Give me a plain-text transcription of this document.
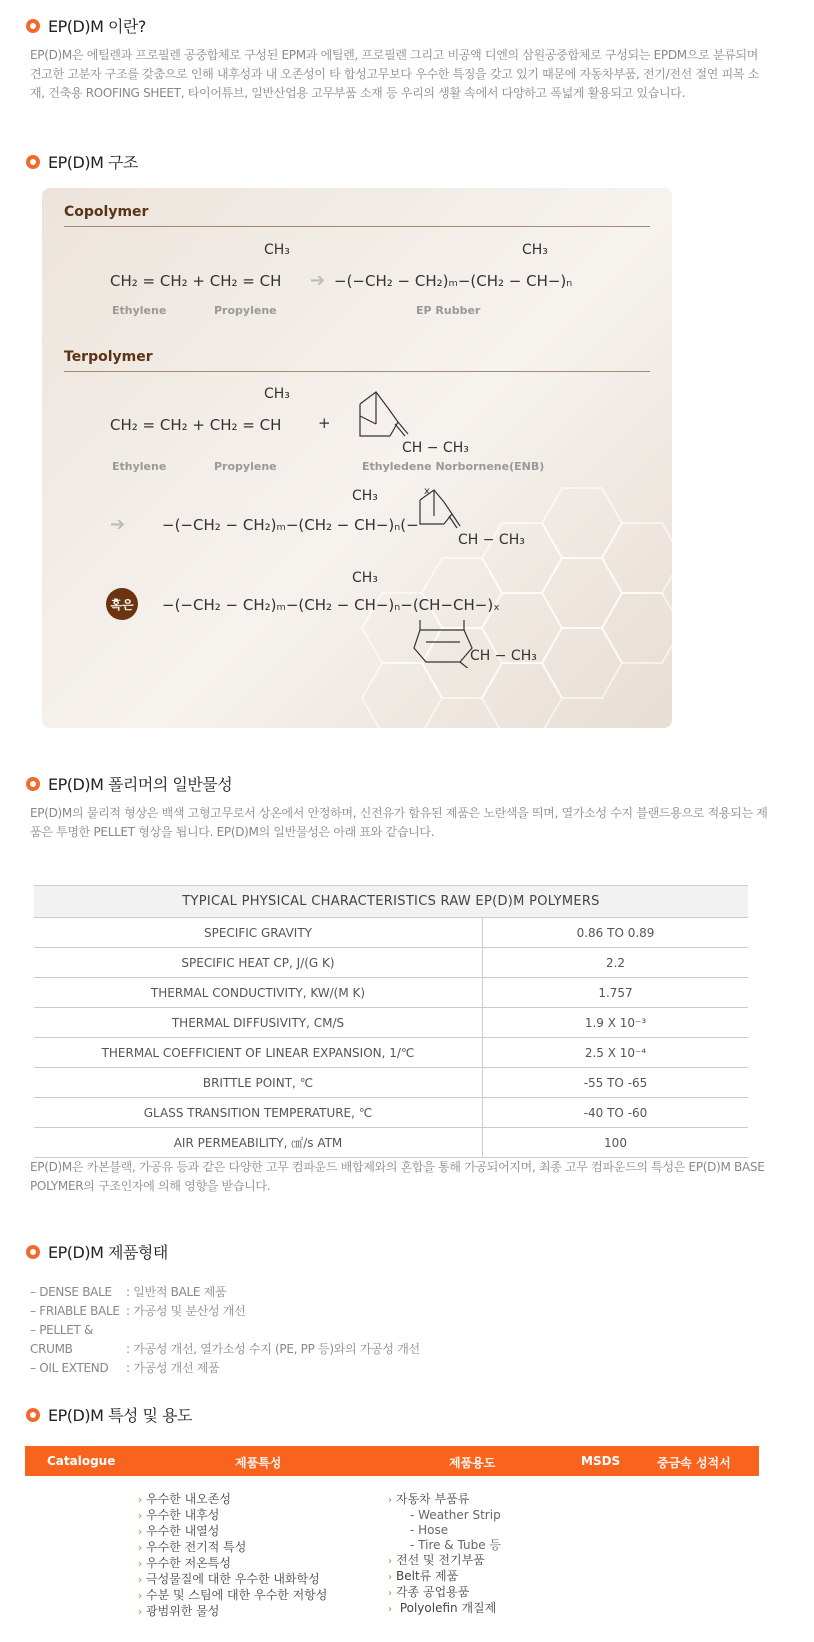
EP(D)M 이란?
EP(D)M은 에틸렌과 프로필렌 공중합체로 구성된 EPM과 에틸렌, 프로필렌 그리고 비공액 디엔의 삼원공중합체로 구성되는 EPDM으로 분류되며 견고한 고분자 구조를 갖춤으로 인해 내후성과 내 오존성이 타 합성고무보다 우수한 특징을 갖고 있기 때문에 자동차부품, 전기/전선 절연 피복 소재, 건축용 ROOFING SHEET, 타이어튜브, 일반산업용 고무부품 소재 등 우리의 생활 속에서 다양하고 폭넓게 활용되고 있습니다.
EP(D)M 구조
Copolymer
CH₃	CH₃
CH₂ = CH₂ + CH₂ = CH ➔ −(−CH₂ − CH₂)ₘ−(CH₂ − CH−)ₙ
Ethylene	Propylene	EP Rubber
Terpolymer
CH₃
CH₂ = CH₂ + CH₂ = CH +
CH − CH₃
Ethylene	Propylene	Ethyledene Norbornene(ENB)
➔
CH₃
−(−CH₂ − CH₂)ₘ−(CH₂ − CH−)ₙ(−
x
CH − CH₃
혹은
CH₃
−(−CH₂ − CH₂)ₘ−(CH₂ − CH−)ₙ−(CH−CH−)ₓ
CH − CH₃
EP(D)M 폴리머의 일반물성
EP(D)M의 물리적 형상은 백색 고형고무로서 상온에서 안정하며, 신전유가 함유된 제품은 노란색을 띄며, 열가소성 수지 블랜드용으로 적용되는 제품은 투명한 PELLET 형상을 됩니다. EP(D)M의 일반물성은 아래 표와 같습니다.
TYPICAL PHYSICAL CHARACTERISTICS RAW EP(D)M POLYMERS	
SPECIFIC GRAVITY	0.86 TO 0.89
SPECIFIC HEAT CP, J/(G K)	2.2
THERMAL CONDUCTIVITY, KW/(M K)	1.757
THERMAL DIFFUSIVITY, CM/S	1.9 X 10⁻³
THERMAL COEFFICIENT OF LINEAR EXPANSION, 1/℃	2.5 X 10⁻⁴
BRITTLE POINT, ℃	-55 TO -65
GLASS TRANSITION TEMPERATURE, ℃	-40 TO -60
AIR PERMEABILITY, ㎠/s ATM	100
EP(D)M은 카본블랙, 가공유 등과 같은 다양한 고무 컴파운드 배합제와의 혼합을 통해 가공되어지며, 최종 고무 컴파운드의 특성은 EP(D)M BASE POLYMER의 구조인자에 의해 영향을 받습니다.
EP(D)M 제품형태
– DENSE BALE : 일반적 BALE 제품
– FRIABLE BALE : 가공성 및 분산성 개선
– PELLET & CRUMB	: 가공성 개선, 열가소성 수지 (PE, PP 등)와의 가공성 개선
– OIL EXTEND : 가공성 개선 제품
EP(D)M 특성 및 용도
Catalogue	제품특성	제품용도	MSDS	중금속 성적서
› 우수한 내오존성
› 우수한 내후성
› 우수한 내열성
› 우수한 전기적 특성
› 우수한 저온특성
› 극성물질에 대한 우수한 내화학성
› 수분 및 스팀에 대한 우수한 저항성
› 광범위한 물성
› 자동차 부품류
- Weather Strip
- Hose
- Tire & Tube 등
› 전선 및 전기부품
› Belt류 제품
› 각종 공업용품
› Polyolefin 개질제
